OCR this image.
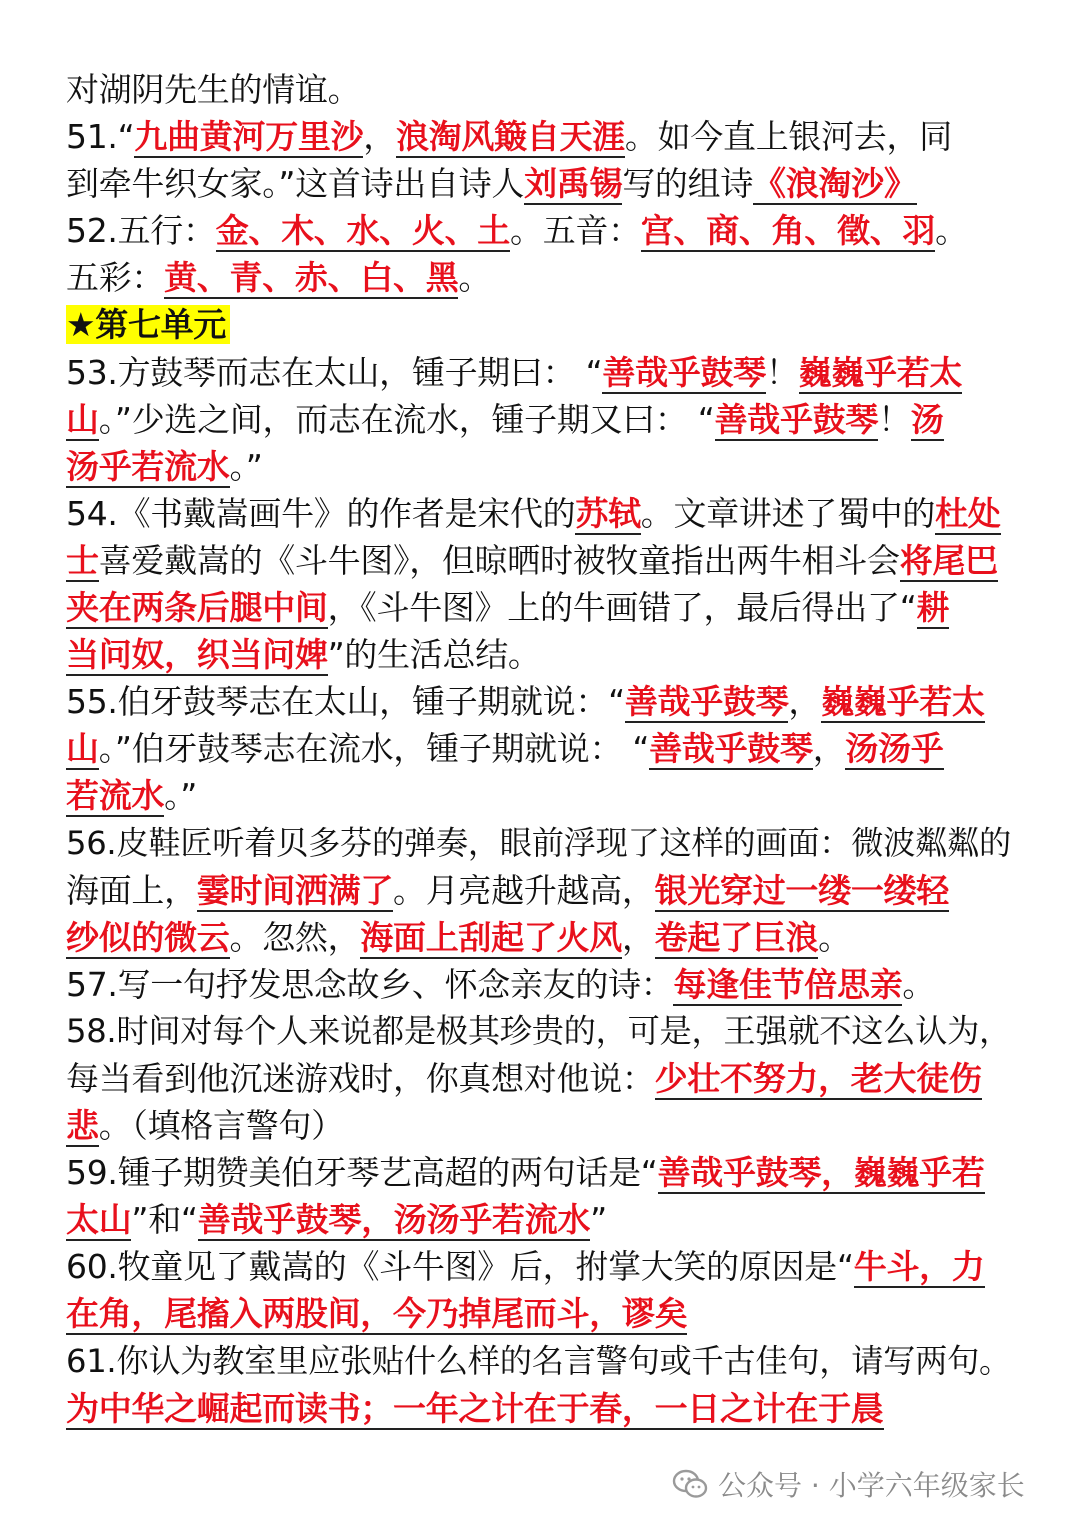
对湖阴先生的情谊。
51.“九曲黄河万里沙，浪淘风簸自天涯。如今直上银河去，同
到牵牛织女家。”这首诗出自诗人刘禹锡写的组诗《浪淘沙》
52.五行：金、木、水、火、土。五音：宫、商、角、徵、羽。
五彩：黄、青、赤、白、黑。
★第七单元
53.方鼓琴而志在太山，锺子期曰： “善哉乎鼓琴！巍巍乎若太
山。”少选之间，而志在流水，锺子期又曰： “善哉乎鼓琴！汤
汤乎若流水。”
54.《书戴嵩画牛》的作者是宋代的苏轼。文章讲述了蜀中的杜处
士喜爱戴嵩的《斗牛图》，但晾晒时被牧童指出两牛相斗会将尾巴
夹在两条后腿中间，《斗牛图》上的牛画错了，最后得出了“耕
当问奴，织当问婢”的生活总结。
55.伯牙鼓琴志在太山，锺子期就说：“善哉乎鼓琴，巍巍乎若太
山。”伯牙鼓琴志在流水，锺子期就说： “善哉乎鼓琴，汤汤乎
若流水。”
56.皮鞋匠听着贝多芬的弹奏，眼前浮现了这样的画面：微波粼粼的
海面上，霎时间洒满了。月亮越升越高，银光穿过一缕一缕轻
纱似的微云。忽然，海面上刮起了火风，卷起了巨浪。
57.写一句抒发思念故乡、怀念亲友的诗：每逢佳节倍思亲。
58.时间对每个人来说都是极其珍贵的，可是，王强就不这么认为，
每当看到他沉迷游戏时，你真想对他说：少壮不努力，老大徒伤
悲。（填格言警句）
59.锺子期赞美伯牙琴艺高超的两句话是“善哉乎鼓琴，巍巍乎若
太山”和“善哉乎鼓琴，汤汤乎若流水”
60.牧童见了戴嵩的《斗牛图》后，拊掌大笑的原因是“牛斗，力
在角，尾搐入两股间，今乃掉尾而斗，谬矣
61.你认为教室里应张贴什么样的名言警句或千古佳句，请写两句。
为中华之崛起而读书；一年之计在于春，一日之计在于晨
公众号 · 小学六年级家长
